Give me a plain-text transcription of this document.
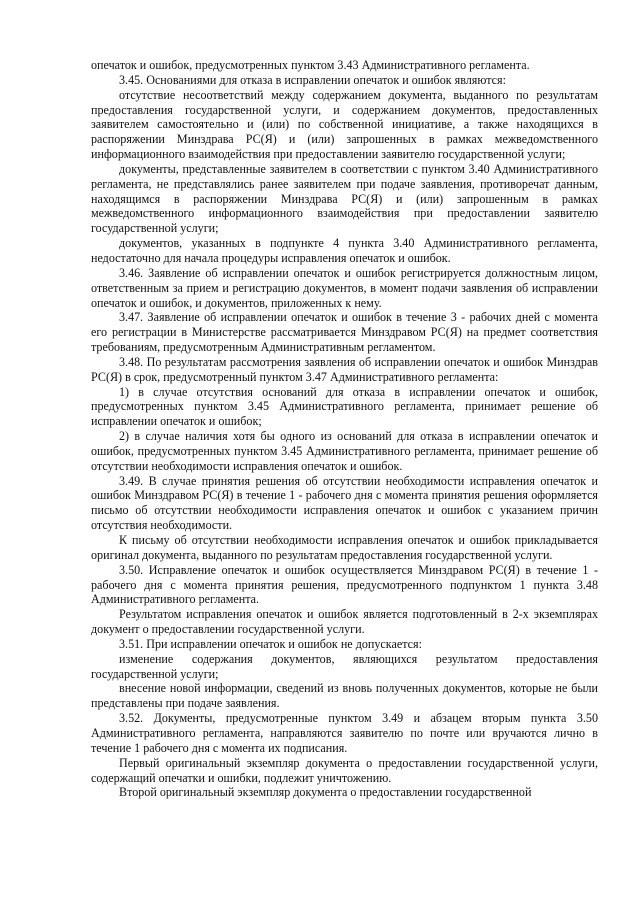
опечаток и ошибок, предусмотренных пунктом 3.43 Административного регламента.

3.45. Основаниями для отказа в исправлении опечаток и ошибок являются:

отсутствие несоответствий между содержанием документа, выданного по результатам предоставления государственной услуги, и содержанием документов, предоставленных заявителем самостоятельно и (или) по собственной инициативе, а также находящихся в распоряжении Минздрава РС(Я) и (или) запрошенных в рамках межведомственного информационного взаимодействия при предоставлении заявителю государственной услуги;

документы, представленные заявителем в соответствии с пунктом 3.40 Административного регламента, не представлялись ранее заявителем при подаче заявления, противоречат данным, находящимся в распоряжении Минздрава РС(Я) и (или) запрошенным в рамках межведомственного информационного взаимодействия при предоставлении заявителю государственной услуги;

документов, указанных в подпункте 4 пункта 3.40 Административного регламента, недостаточно для начала процедуры исправления опечаток и ошибок.

3.46. Заявление об исправлении опечаток и ошибок регистрируется должностным лицом, ответственным за прием и регистрацию документов, в момент подачи заявления об исправлении опечаток и ошибок, и документов, приложенных к нему.

3.47. Заявление об исправлении опечаток и ошибок в течение 3 - рабочих дней с момента его регистрации в Министерстве рассматривается Минздравом РС(Я) на предмет соответствия требованиям, предусмотренным Административным регламентом.

3.48. По результатам рассмотрения заявления об исправлении опечаток и ошибок Минздрав РС(Я) в срок, предусмотренный пунктом 3.47 Административного регламента:

1) в случае отсутствия оснований для отказа в исправлении опечаток и ошибок, предусмотренных пунктом 3.45 Административного регламента, принимает решение об исправлении опечаток и ошибок;

2) в случае наличия хотя бы одного из оснований для отказа в исправлении опечаток и ошибок, предусмотренных пунктом 3.45 Административного регламента, принимает решение об отсутствии необходимости исправления опечаток и ошибок.

3.49. В случае принятия решения об отсутствии необходимости исправления опечаток и ошибок Минздравом РС(Я) в течение 1 - рабочего дня с момента принятия решения оформляется письмо об отсутствии необходимости исправления опечаток и ошибок с указанием причин отсутствия необходимости.

К письму об отсутствии необходимости исправления опечаток и ошибок прикладывается оригинал документа, выданного по результатам предоставления государственной услуги.

3.50. Исправление опечаток и ошибок осуществляется Минздравом РС(Я) в течение 1 - рабочего дня с момента принятия решения, предусмотренного подпунктом 1 пункта 3.48 Административного регламента.

Результатом исправления опечаток и ошибок является подготовленный в 2-х экземплярах документ о предоставлении государственной услуги.

3.51. При исправлении опечаток и ошибок не допускается:

изменение содержания документов, являющихся результатом предоставления государственной услуги;

внесение новой информации, сведений из вновь полученных документов, которые не были представлены при подаче заявления.

3.52. Документы, предусмотренные пунктом 3.49 и абзацем вторым пункта 3.50 Административного регламента, направляются заявителю по почте или вручаются лично в течение 1 рабочего дня с момента их подписания.

Первый оригинальный экземпляр документа о предоставлении государственной услуги, содержащий опечатки и ошибки, подлежит уничтожению.

Второй оригинальный экземпляр документа о предоставлении государственной
